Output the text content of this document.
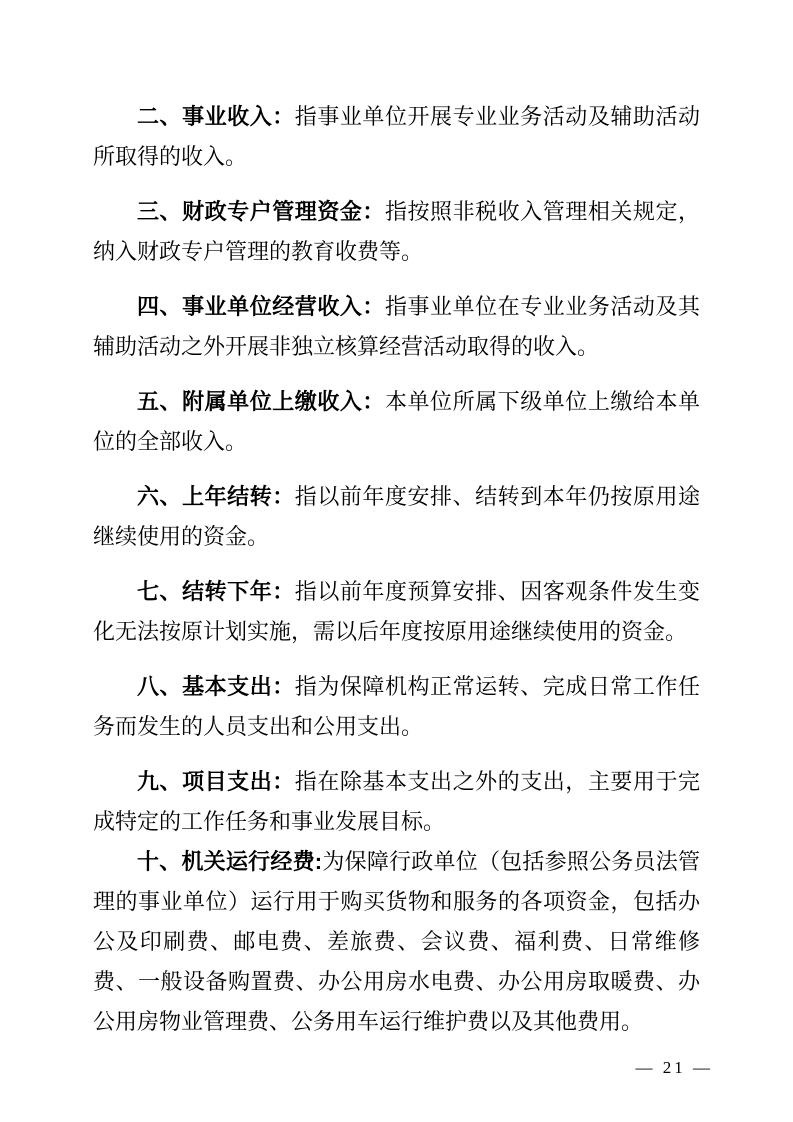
二、事业收入：指事业单位开展专业业务活动及辅助活动所取得的收入。

三、财政专户管理资金：指按照非税收入管理相关规定，纳入财政专户管理的教育收费等。

四、事业单位经营收入：指事业单位在专业业务活动及其辅助活动之外开展非独立核算经营活动取得的收入。

五、附属单位上缴收入：本单位所属下级单位上缴给本单位的全部收入。

六、上年结转：指以前年度安排、结转到本年仍按原用途继续使用的资金。

七、结转下年：指以前年度预算安排、因客观条件发生变化无法按原计划实施，需以后年度按原用途继续使用的资金。

八、基本支出：指为保障机构正常运转、完成日常工作任务而发生的人员支出和公用支出。

九、项目支出：指在除基本支出之外的支出，主要用于完成特定的工作任务和事业发展目标。

十、机关运行经费:为保障行政单位（包括参照公务员法管理的事业单位）运行用于购买货物和服务的各项资金，包括办公及印刷费、邮电费、差旅费、会议费、福利费、日常维修费、一般设备购置费、办公用房水电费、办公用房取暖费、办公用房物业管理费、公务用车运行维护费以及其他费用。

— 21 —
